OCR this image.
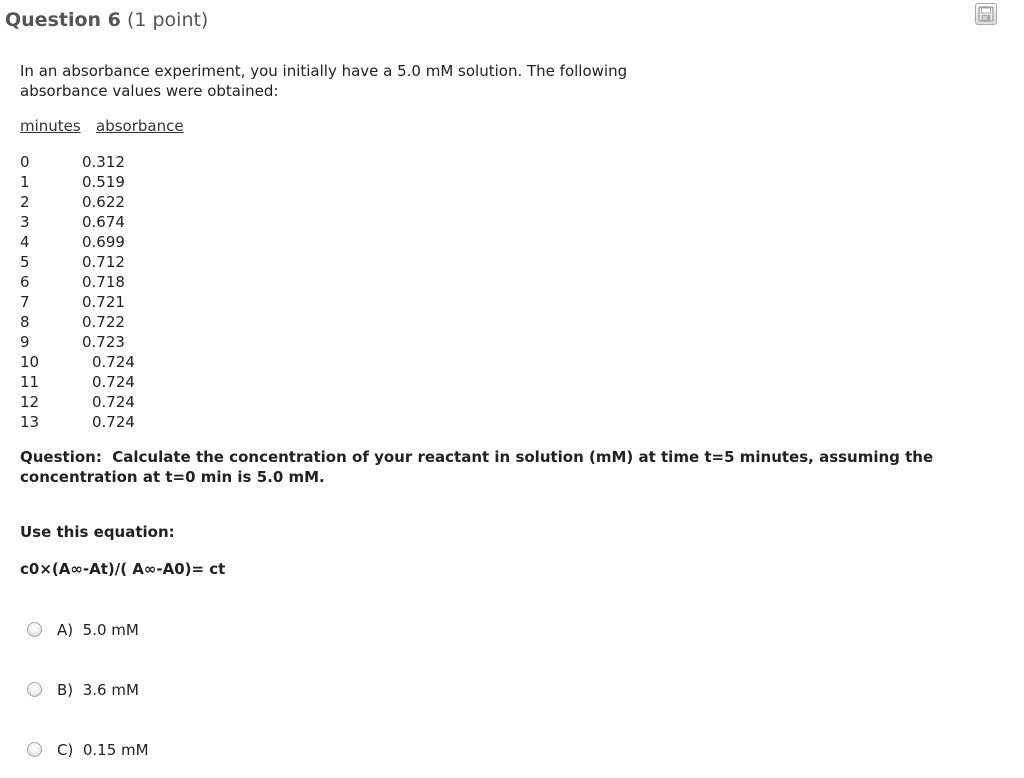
Question 6 (1 point)
In an absorbance experiment, you initially have a 5.0 mM solution. The following
absorbance values were obtained:
minutes absorbance
0	0.312
1	0.519
2	0.622
3	0.674
4	0.699
5	0.712
6	0.718
7	0.721
8	0.722
9	0.723
10	0.724
11	0.724
12	0.724
13	0.724
Question:  Calculate the concentration of your reactant in solution (mM) at time t=5 minutes, assuming the
concentration at t=0 min is 5.0 mM.
Use this equation:
c0×(A∞-At)/( A∞-A0)= ct
A) 5.0 mM
B) 3.6 mM
C) 0.15 mM
